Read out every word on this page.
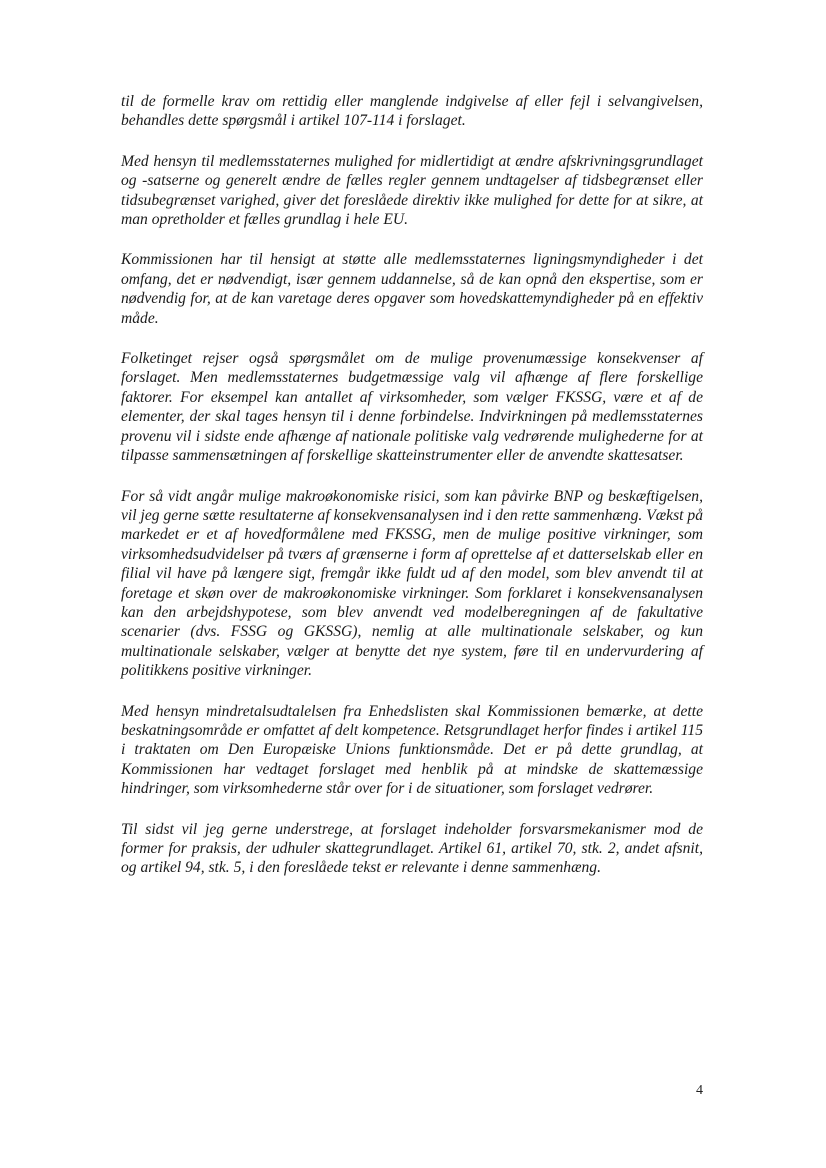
til de formelle krav om rettidig eller manglende indgivelse af eller fejl i selvangivelsen, behandles dette spørgsmål i artikel 107-114 i forslaget.

Med hensyn til medlemsstaternes mulighed for midlertidigt at ændre afskrivningsgrundlaget og -satserne og generelt ændre de fælles regler gennem undtagelser af tidsbegrænset eller tidsubegrænset varighed, giver det foreslåede direktiv ikke mulighed for dette for at sikre, at man opretholder et fælles grundlag i hele EU.

Kommissionen har til hensigt at støtte alle medlemsstaternes ligningsmyndigheder i det omfang, det er nødvendigt, især gennem uddannelse, så de kan opnå den ekspertise, som er nødvendig for, at de kan varetage deres opgaver som hovedskattemyndigheder på en effektiv måde.

Folketinget rejser også spørgsmålet om de mulige provenumæssige konsekvenser af forslaget. Men medlemsstaternes budgetmæssige valg vil afhænge af flere forskellige faktorer. For eksempel kan antallet af virksomheder, som vælger FKSSG, være et af de elementer, der skal tages hensyn til i denne forbindelse. Indvirkningen på medlemsstaternes provenu vil i sidste ende afhænge af nationale politiske valg vedrørende mulighederne for at tilpasse sammensætningen af forskellige skatteinstrumenter eller de anvendte skattesatser.

For så vidt angår mulige makroøkonomiske risici, som kan påvirke BNP og beskæftigelsen, vil jeg gerne sætte resultaterne af konsekvensanalysen ind i den rette sammenhæng. Vækst på markedet er et af hovedformålene med FKSSG, men de mulige positive virkninger, som virksomhedsudvidelser på tværs af grænserne i form af oprettelse af et datterselskab eller en filial vil have på længere sigt, fremgår ikke fuldt ud af den model, som blev anvendt til at foretage et skøn over de makroøkonomiske virkninger. Som forklaret i konsekvensanalysen kan den arbejdshypotese, som blev anvendt ved modelberegningen af de fakultative scenarier (dvs. FSSG og GKSSG), nemlig at alle multinationale selskaber, og kun multinationale selskaber, vælger at benytte det nye system, føre til en undervurdering af politikkens positive virkninger.

Med hensyn mindretalsudtalelsen fra Enhedslisten skal Kommissionen bemærke, at dette beskatningsområde er omfattet af delt kompetence. Retsgrundlaget herfor findes i artikel 115 i traktaten om Den Europæiske Unions funktionsmåde. Det er på dette grundlag, at Kommissionen har vedtaget forslaget med henblik på at mindske de skattemæssige hindringer, som virksomhederne står over for i de situationer, som forslaget vedrører.

Til sidst vil jeg gerne understrege, at forslaget indeholder forsvarsmekanismer mod de former for praksis, der udhuler skattegrundlaget. Artikel 61, artikel 70, stk. 2, andet afsnit, og artikel 94, stk. 5, i den foreslåede tekst er relevante i denne sammenhæng.

4
